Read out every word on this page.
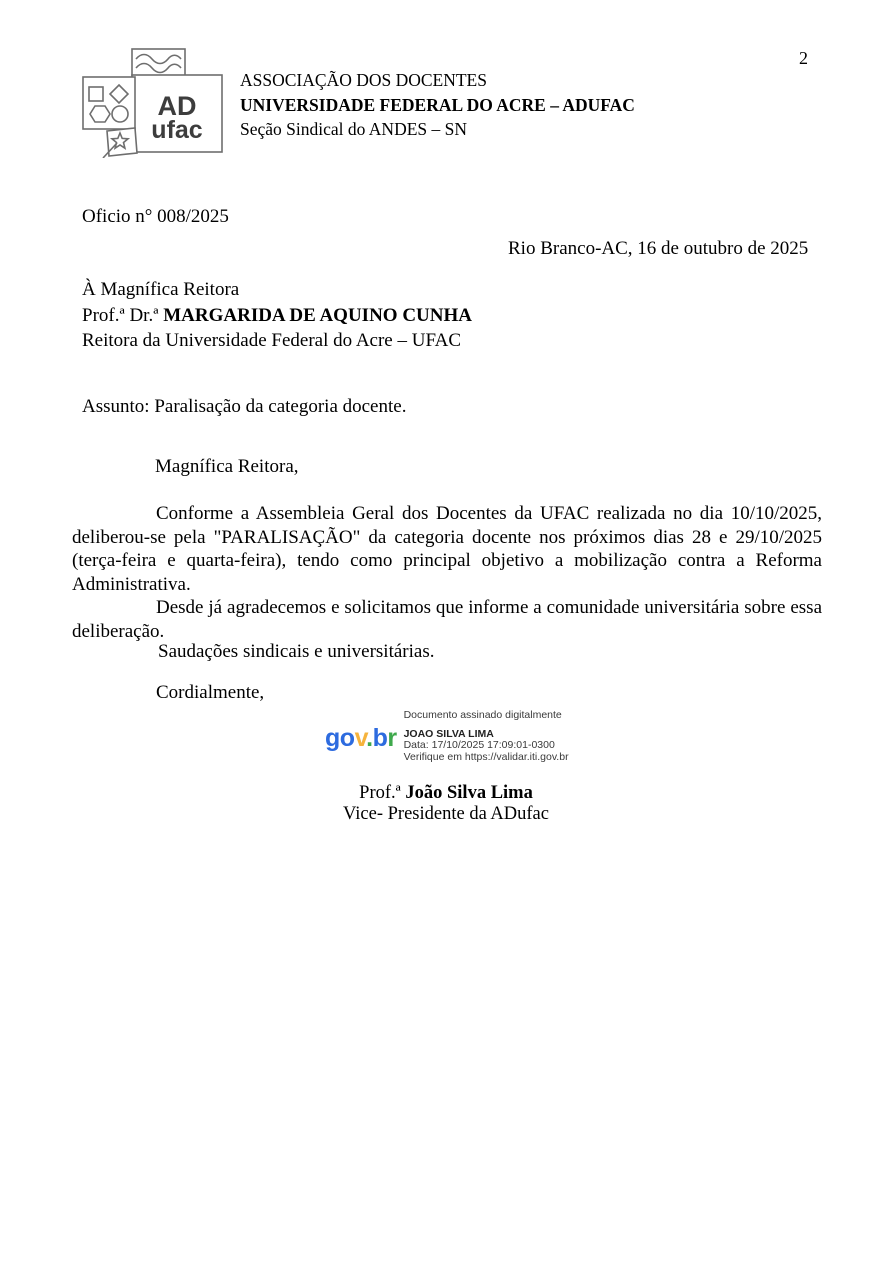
2
AD
ufac
ASSOCIAÇÃO DOS DOCENTES
UNIVERSIDADE FEDERAL DO ACRE – ADUFAC
Seção Sindical do ANDES – SN
Oficio n° 008/2025
Rio Branco-AC, 16 de outubro de 2025
À Magnífica Reitora
Prof.ª Dr.ª MARGARIDA DE AQUINO CUNHA
Reitora da Universidade Federal do Acre – UFAC
Assunto: Paralisação da categoria docente.
Magnífica Reitora,

Conforme a Assembleia Geral dos Docentes da UFAC realizada no dia 10/10/2025, deliberou-se pela "PARALISAÇÃO" da categoria docente nos próximos dias 28 e 29/10/2025 (terça-feira e quarta-feira), tendo como principal objetivo a mobilização contra a Reforma Administrativa.

Desde já agradecemos e solicitamos que informe a comunidade universitária sobre essa deliberação.

Saudações sindicais e universitárias.
Cordialmente,
gov.br
Documento assinado digitalmente
JOAO SILVA LIMA
Data: 17/10/2025 17:09:01-0300
Verifique em https://validar.iti.gov.br
Prof.ª João Silva Lima
Vice- Presidente da ADufac
